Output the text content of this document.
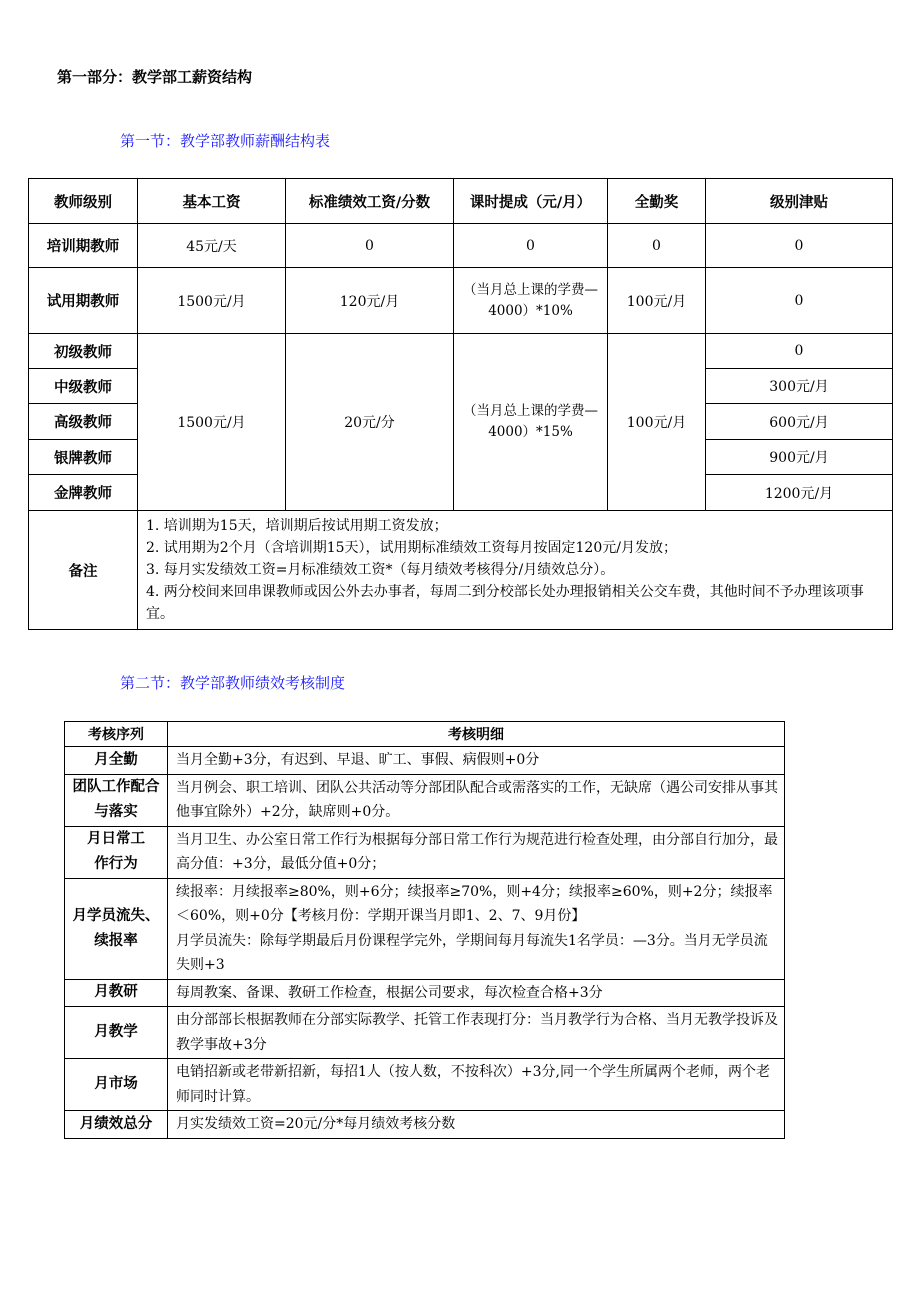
第一部分：教学部工薪资结构
第一节：教学部教师薪酬结构表
教师级别	基本工资	标准绩效工资/分数	课时提成（元/月）	全勤奖	级别津贴
培训期教师	45元/天	0	0	0	0
试用期教师	1500元/月	120元/月	（当月总上课的学费—4000）*10%	100元/月	0
初级教师	1500元/月	20元/分	（当月总上课的学费—4000）*15%	100元/月	0
中级教师					300元/月
高级教师					600元/月
银牌教师					900元/月
金牌教师					1200元/月
备注	1. 培训期为15天，培训期后按试用期工资发放；
2. 试用期为2个月（含培训期15天），试用期标准绩效工资每月按固定120元/月发放；
3. 每月实发绩效工资=月标准绩效工资*（每月绩效考核得分/月绩效总分）。
4. 两分校间来回串课教师或因公外去办事者，每周二到分校部长处办理报销相关公交车费，其他时间不予办理该项事宜。				
第二节：教学部教师绩效考核制度
考核序列	考核明细
月全勤	当月全勤+3分，有迟到、早退、旷工、事假、病假则+0分
团队工作配合与落实	当月例会、职工培训、团队公共活动等分部团队配合或需落实的工作，无缺席（遇公司安排从事其他事宜除外）+2分，缺席则+0分。
月日常工作行为	当月卫生、办公室日常工作行为根据每分部日常工作行为规范进行检查处理，由分部自行加分，最高分值：+3分，最低分值+0分；
月学员流失、续报率	续报率：月续报率≥80%，则+6分；续报率≥70%，则+4分；续报率≥60%，则+2分；续报率＜60%，则+0分【考核月份：学期开课当月即1、2、7、9月份】
月学员流失：除每学期最后月份课程学完外，学期间每月每流失1名学员：—3分。当月无学员流失则+3

月教研	每周教案、备课、教研工作检查，根据公司要求，每次检查合格+3分
月教学	由分部部长根据教师在分部实际教学、托管工作表现打分：当月教学行为合格、当月无教学投诉及教学事故+3分
月市场	电销招新或老带新招新，每招1人（按人数，不按科次）+3分,同一个学生所属两个老师，两个老师同时计算。
月绩效总分	月实发绩效工资=20元/分*每月绩效考核分数
